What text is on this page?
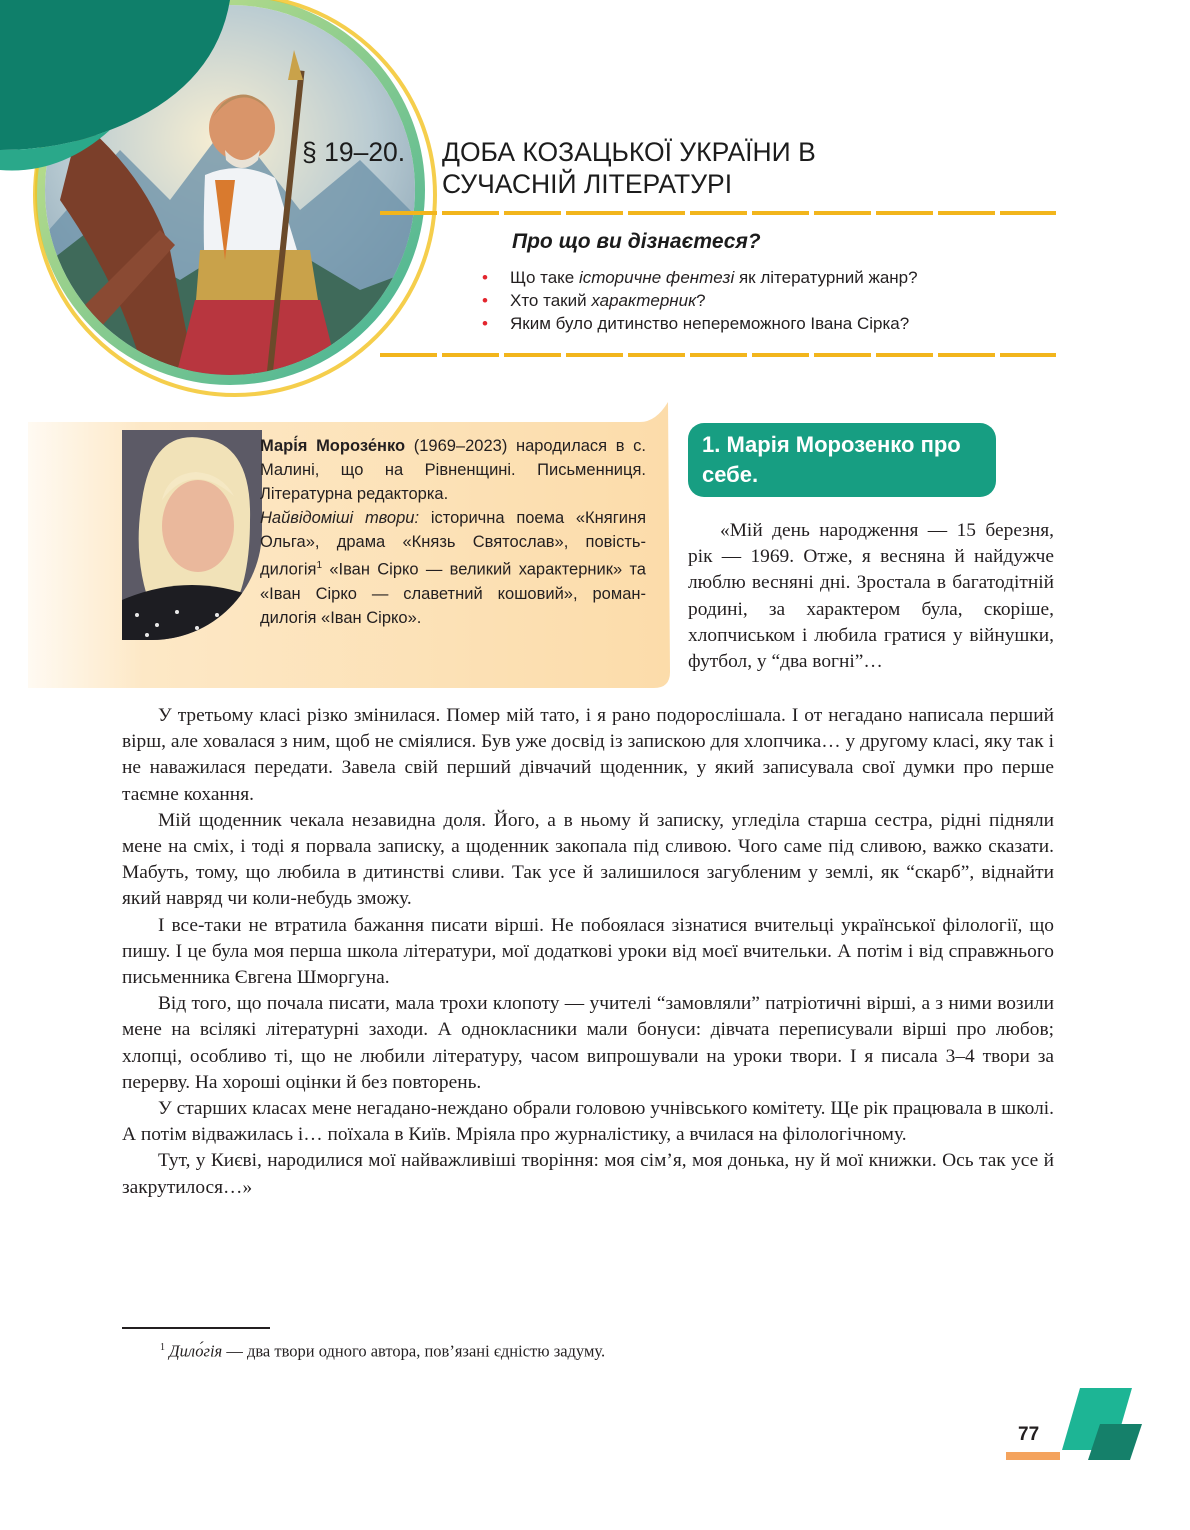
§ 19–20. ДОБА КОЗАЦЬКОЇ УКРАЇНИ В
СУЧАСНІЙ ЛІТЕРАТУРІ
Про що ви дізнаєтеся?
• Що таке історичне фентезі як літературний жанр?
• Хто такий характерник?
• Яким було дитинство непереможного Івана Сірка?

Марі́я Морозе́нко (1969–2023) народилася в с. Малині, що на Рівненщині. Письменниця. Літературна редакторка.

Найвідоміші твори: історична поема «Княгиня Ольга», драма «Князь Святослав», повість-дилогія$^1$ «Іван Сірко — великий характерник» та «Іван Сірко — славетний кошовий», роман-дилогія «Іван Сірко».

1. Марія Морозенко про себе.

«Мій день народження — 15 березня, рік — 1969. Отже, я весняна й найдужче люблю весняні дні. Зростала в багатодітній родині, за характером була, скоріше, хлопчиськом і любила гратися у війнушки, футбол, у “два вогні”…

У третьому класі різко змінилася. Помер мій тато, і я рано подорослішала. І от негадано написала перший вірш, але ховалася з ним, щоб не сміялися. Був уже досвід із запискою для хлопчика… у другому класі, яку так і не наважилася передати. Завела свій перший дівчачий щоденник, у який записувала свої думки про перше таємне кохання.

Мій щоденник чекала незавидна доля. Його, а в ньому й записку, угледіла старша сестра, рідні підняли мене на сміх, і тоді я порвала записку, а щоденник закопала під сливою. Чого саме під сливою, важко сказати. Мабуть, тому, що любила в дитинстві сливи. Так усе й залишилося загубленим у землі, як “скарб”, віднайти який навряд чи коли-небудь зможу.

І все-таки не втратила бажання писати вірші. Не побоялася зізнатися вчительці української філології, що пишу. І це була моя перша школа літератури, мої додаткові уроки від моєї вчительки. А потім і від справжнього письменника Євгена Шморгуна.

Від того, що почала писати, мала трохи клопоту — учителі “замовляли” патріотичні вірші, а з ними возили мене на всілякі літературні заходи. А однокласники мали бонуси: дівчата переписували вірші про любов; хлопці, особливо ті, що не любили літературу, часом випрошували на уроки твори. І я писала 3–4 твори за перерву. На хороші оцінки й без повторень.

У старших класах мене негадано-неждано обрали головою учнівського комітету. Ще рік працювала в школі. А потім відважилась і… поїхала в Київ. Мріяла про журналістику, а вчилася на філологічному.

Тут, у Києві, народилися мої найважливіші творіння: моя сім’я, моя донька, ну й мої книжки. Ось так усе й закрутилося…»

$^1$ Дило́гія — два твори одного автора, пов’язані єдністю задуму.
77
